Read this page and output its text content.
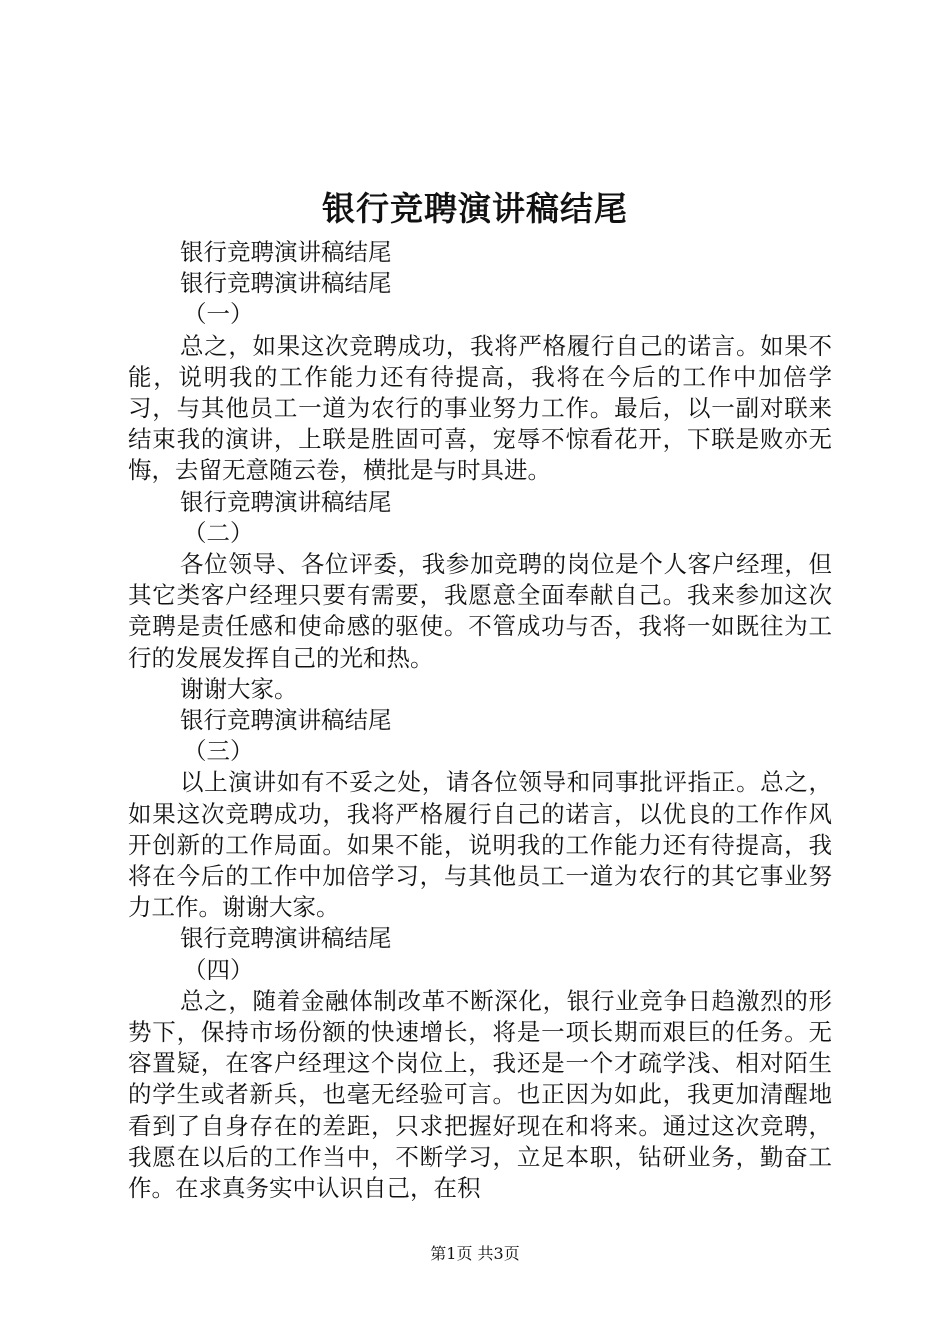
银行竞聘演讲稿结尾
银行竞聘演讲稿结尾
银行竞聘演讲稿结尾
（一）

总之，如果这次竞聘成功，我将严格履行自己的诺言。如果不能，说明我的工作能力还有待提高，我将在今后的工作中加倍学习，与其他员工一道为农行的事业努力工作。最后，以一副对联来结束我的演讲，上联是胜固可喜，宠辱不惊看花开，下联是败亦无悔，去留无意随云卷，横批是与时具进。

银行竞聘演讲稿结尾
（二）

各位领导、各位评委，我参加竞聘的岗位是个人客户经理，但其它类客户经理只要有需要，我愿意全面奉献自己。我来参加这次竞聘是责任感和使命感的驱使。不管成功与否，我将一如既往为工行的发展发挥自己的光和热。

谢谢大家。

银行竞聘演讲稿结尾
（三）

以上演讲如有不妥之处，请各位领导和同事批评指正。总之，如果这次竞聘成功，我将严格履行自己的诺言，以优良的工作作风开创新的工作局面。如果不能，说明我的工作能力还有待提高，我将在今后的工作中加倍学习，与其他员工一道为农行的其它事业努力工作。谢谢大家。

银行竞聘演讲稿结尾
（四）

总之，随着金融体制改革不断深化，银行业竞争日趋激烈的形势下，保持市场份额的快速增长，将是一项长期而艰巨的任务。无容置疑，在客户经理这个岗位上，我还是一个才疏学浅、相对陌生的学生或者新兵，也毫无经验可言。也正因为如此，我更加清醒地看到了自身存在的差距，只求把握好现在和将来。通过这次竞聘，我愿在以后的工作当中，不断学习，立足本职，钻研业务，勤奋工作。在求真务实中认识自己，在积

第1页 共3页
